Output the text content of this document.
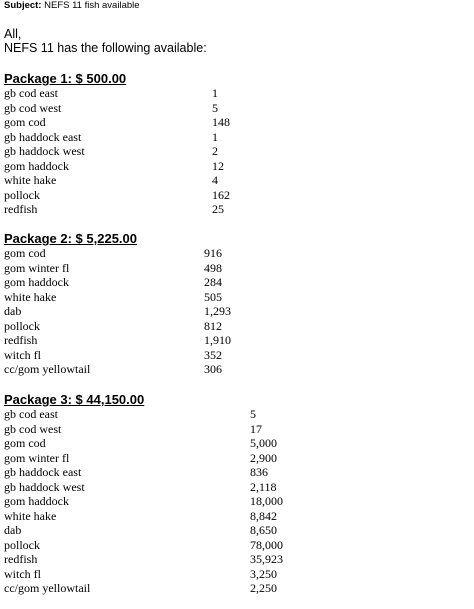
Subject: NEFS 11 fish available
All,
NEFS 11 has the following available:
Package 1: $ 500.00
gb cod east	1
gb cod west	5
gom cod	148
gb haddock east	1
gb haddock west	2
gom haddock	12
white hake	4
pollock	162
redfish	25
Package 2: $ 5,225.00
gom cod	916
gom winter fl	498
gom haddock	284
white hake	505
dab	1,293
pollock	812
redfish	1,910
witch fl	352
cc/gom yellowtail	306
Package 3: $ 44,150.00
gb cod east	5
gb cod west	17
gom cod	5,000
gom winter fl	2,900
gb haddock east	836
gb haddock west	2,118
gom haddock	18,000
white hake	8,842
dab	8,650
pollock	78,000
redfish	35,923
witch fl	3,250
cc/gom yellowtail	2,250
